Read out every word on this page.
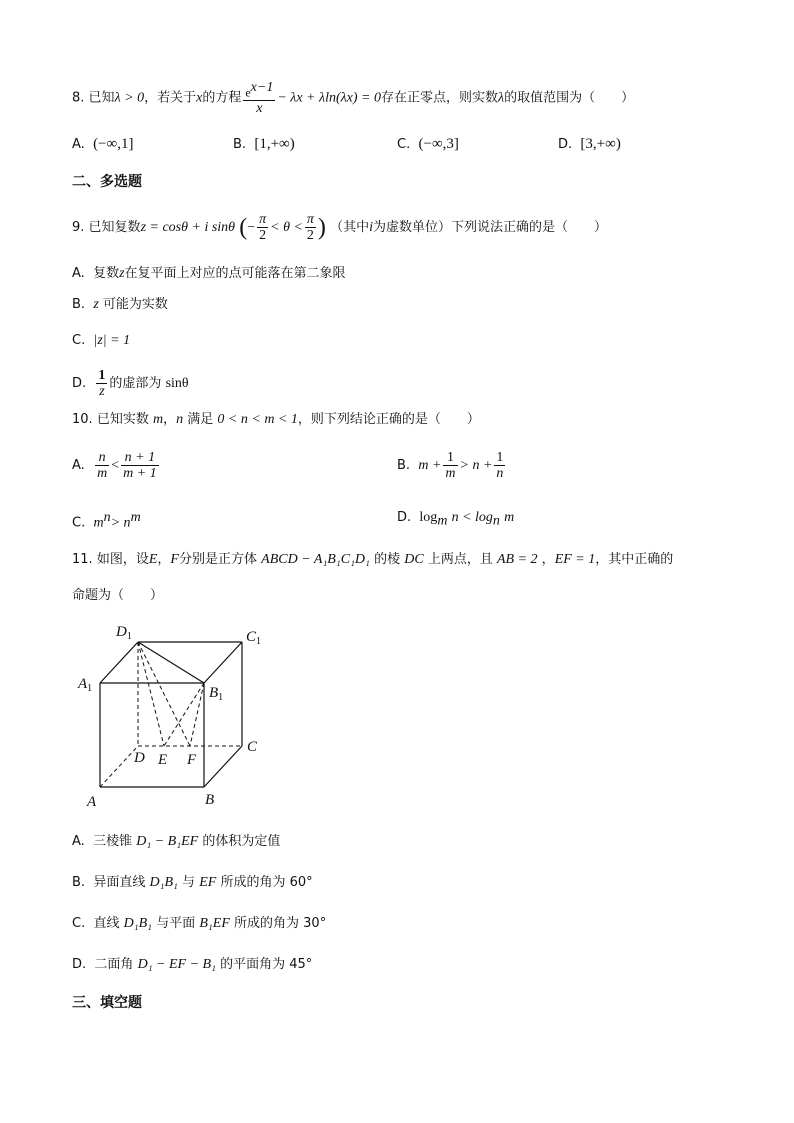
8. 已知λ > 0，若关于x的方程 $\frac{e^{x-1}}{x} - \lambda x + \lambda\ln(\lambda x) = 0$存在正零点，则实数λ的取值范围为（　　）
A. (−∞,1]	B. [1,+∞)	C. (−∞,3]	D. [3,+∞)
二、多选题
9. 已知复数z = cosθ + i sinθ (− $\frac{\pi}{2} < \theta < \frac{\pi}{2}$ ) （其中i为虚数单位）下列说法正确的是（　　）
A. 复数z在复平面上对应的点可能落在第二象限
B. z 可能为实数
C. |z| = 1
D. $\frac{1}{z}$ 的虚部为 sinθ
10. 已知实数 m，n 满足 0 < n < m < 1，则下列结论正确的是（　　）
A. $\frac{n}{m} < \frac{n + 1}{m + 1}$	B. $m + \frac{1}{m} > n + \frac{1}{n}$
C. $m^n> n^m$	D. $\log_m n < \log_n m$
11. 如图，设E，F分别是正方体 ABCD − A₁B₁C₁D₁ 的棱 DC 上两点，且 AB = 2 ，EF = 1，其中正确的
命题为（　　）
$D_1$	$C_1$
$A_1$	$B_1$
D E F
C
A	B
A. 三棱锥 D₁ − B₁EF 的体积为定值
B. 异面直线 D₁B₁ 与 EF 所成的角为 60°
C. 直线 D₁B₁ 与平面 B₁EF 所成的角为 30°
D. 二面角 D₁ − EF − B₁ 的平面角为 45°
三、填空题
